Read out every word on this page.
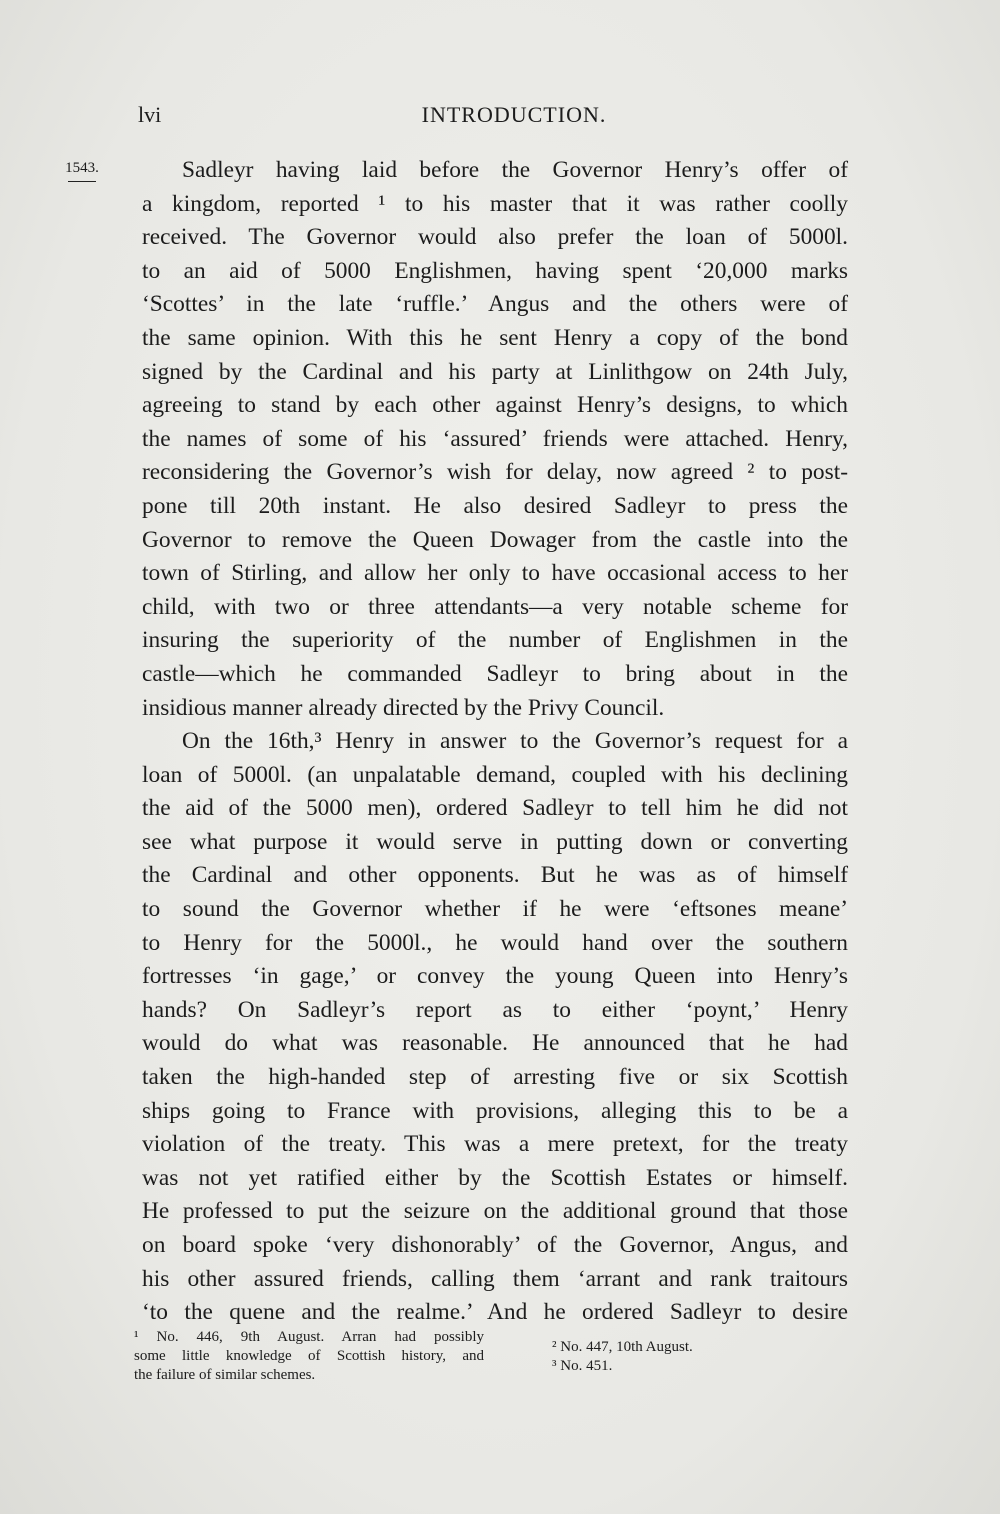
lvi	INTRODUCTION.
1543.	Sadleyr having laid before the Governor Henry’s offer of
a kingdom, reported ¹ to his master that it was rather coolly
received. The Governor would also prefer the loan of 5000l.
to an aid of 5000 Englishmen, having spent ‘20,000 marks
‘Scottes’ in the late ‘ruffle.’ Angus and the others were of
the same opinion. With this he sent Henry a copy of the bond
signed by the Cardinal and his party at Linlithgow on 24th July,
agreeing to stand by each other against Henry’s designs, to which
the names of some of his ‘assured’ friends were attached. Henry,
reconsidering the Governor’s wish for delay, now agreed ² to post-
pone till 20th instant. He also desired Sadleyr to press the
Governor to remove the Queen Dowager from the castle into the
town of Stirling, and allow her only to have occasional access to her
child, with two or three attendants—a very notable scheme for
insuring the superiority of the number of Englishmen in the
castle—which he commanded Sadleyr to bring about in the
insidious manner already directed by the Privy Council.
On the 16th,³ Henry in answer to the Governor’s request for a
loan of 5000l. (an unpalatable demand, coupled with his declining
the aid of the 5000 men), ordered Sadleyr to tell him he did not
see what purpose it would serve in putting down or converting
the Cardinal and other opponents. But he was as of himself
to sound the Governor whether if he were ‘eftsones meane’
to Henry for the 5000l., he would hand over the southern
fortresses ‘in gage,’ or convey the young Queen into Henry’s
hands? On Sadleyr’s report as to either ‘poynt,’ Henry
would do what was reasonable. He announced that he had
taken the high-handed step of arresting five or six Scottish
ships going to France with provisions, alleging this to be a
violation of the treaty. This was a mere pretext, for the treaty
was not yet ratified either by the Scottish Estates or himself.
He professed to put the seizure on the additional ground that those
on board spoke ‘very dishonorably’ of the Governor, Angus, and
his other assured friends, calling them ‘arrant and rank traitours
‘to the quene and the realme.’ And he ordered Sadleyr to desire
¹ No. 446, 9th August. Arran had possibly
some little knowledge of Scottish history, and
the failure of similar schemes.
² No. 447, 10th August.
³ No. 451.
